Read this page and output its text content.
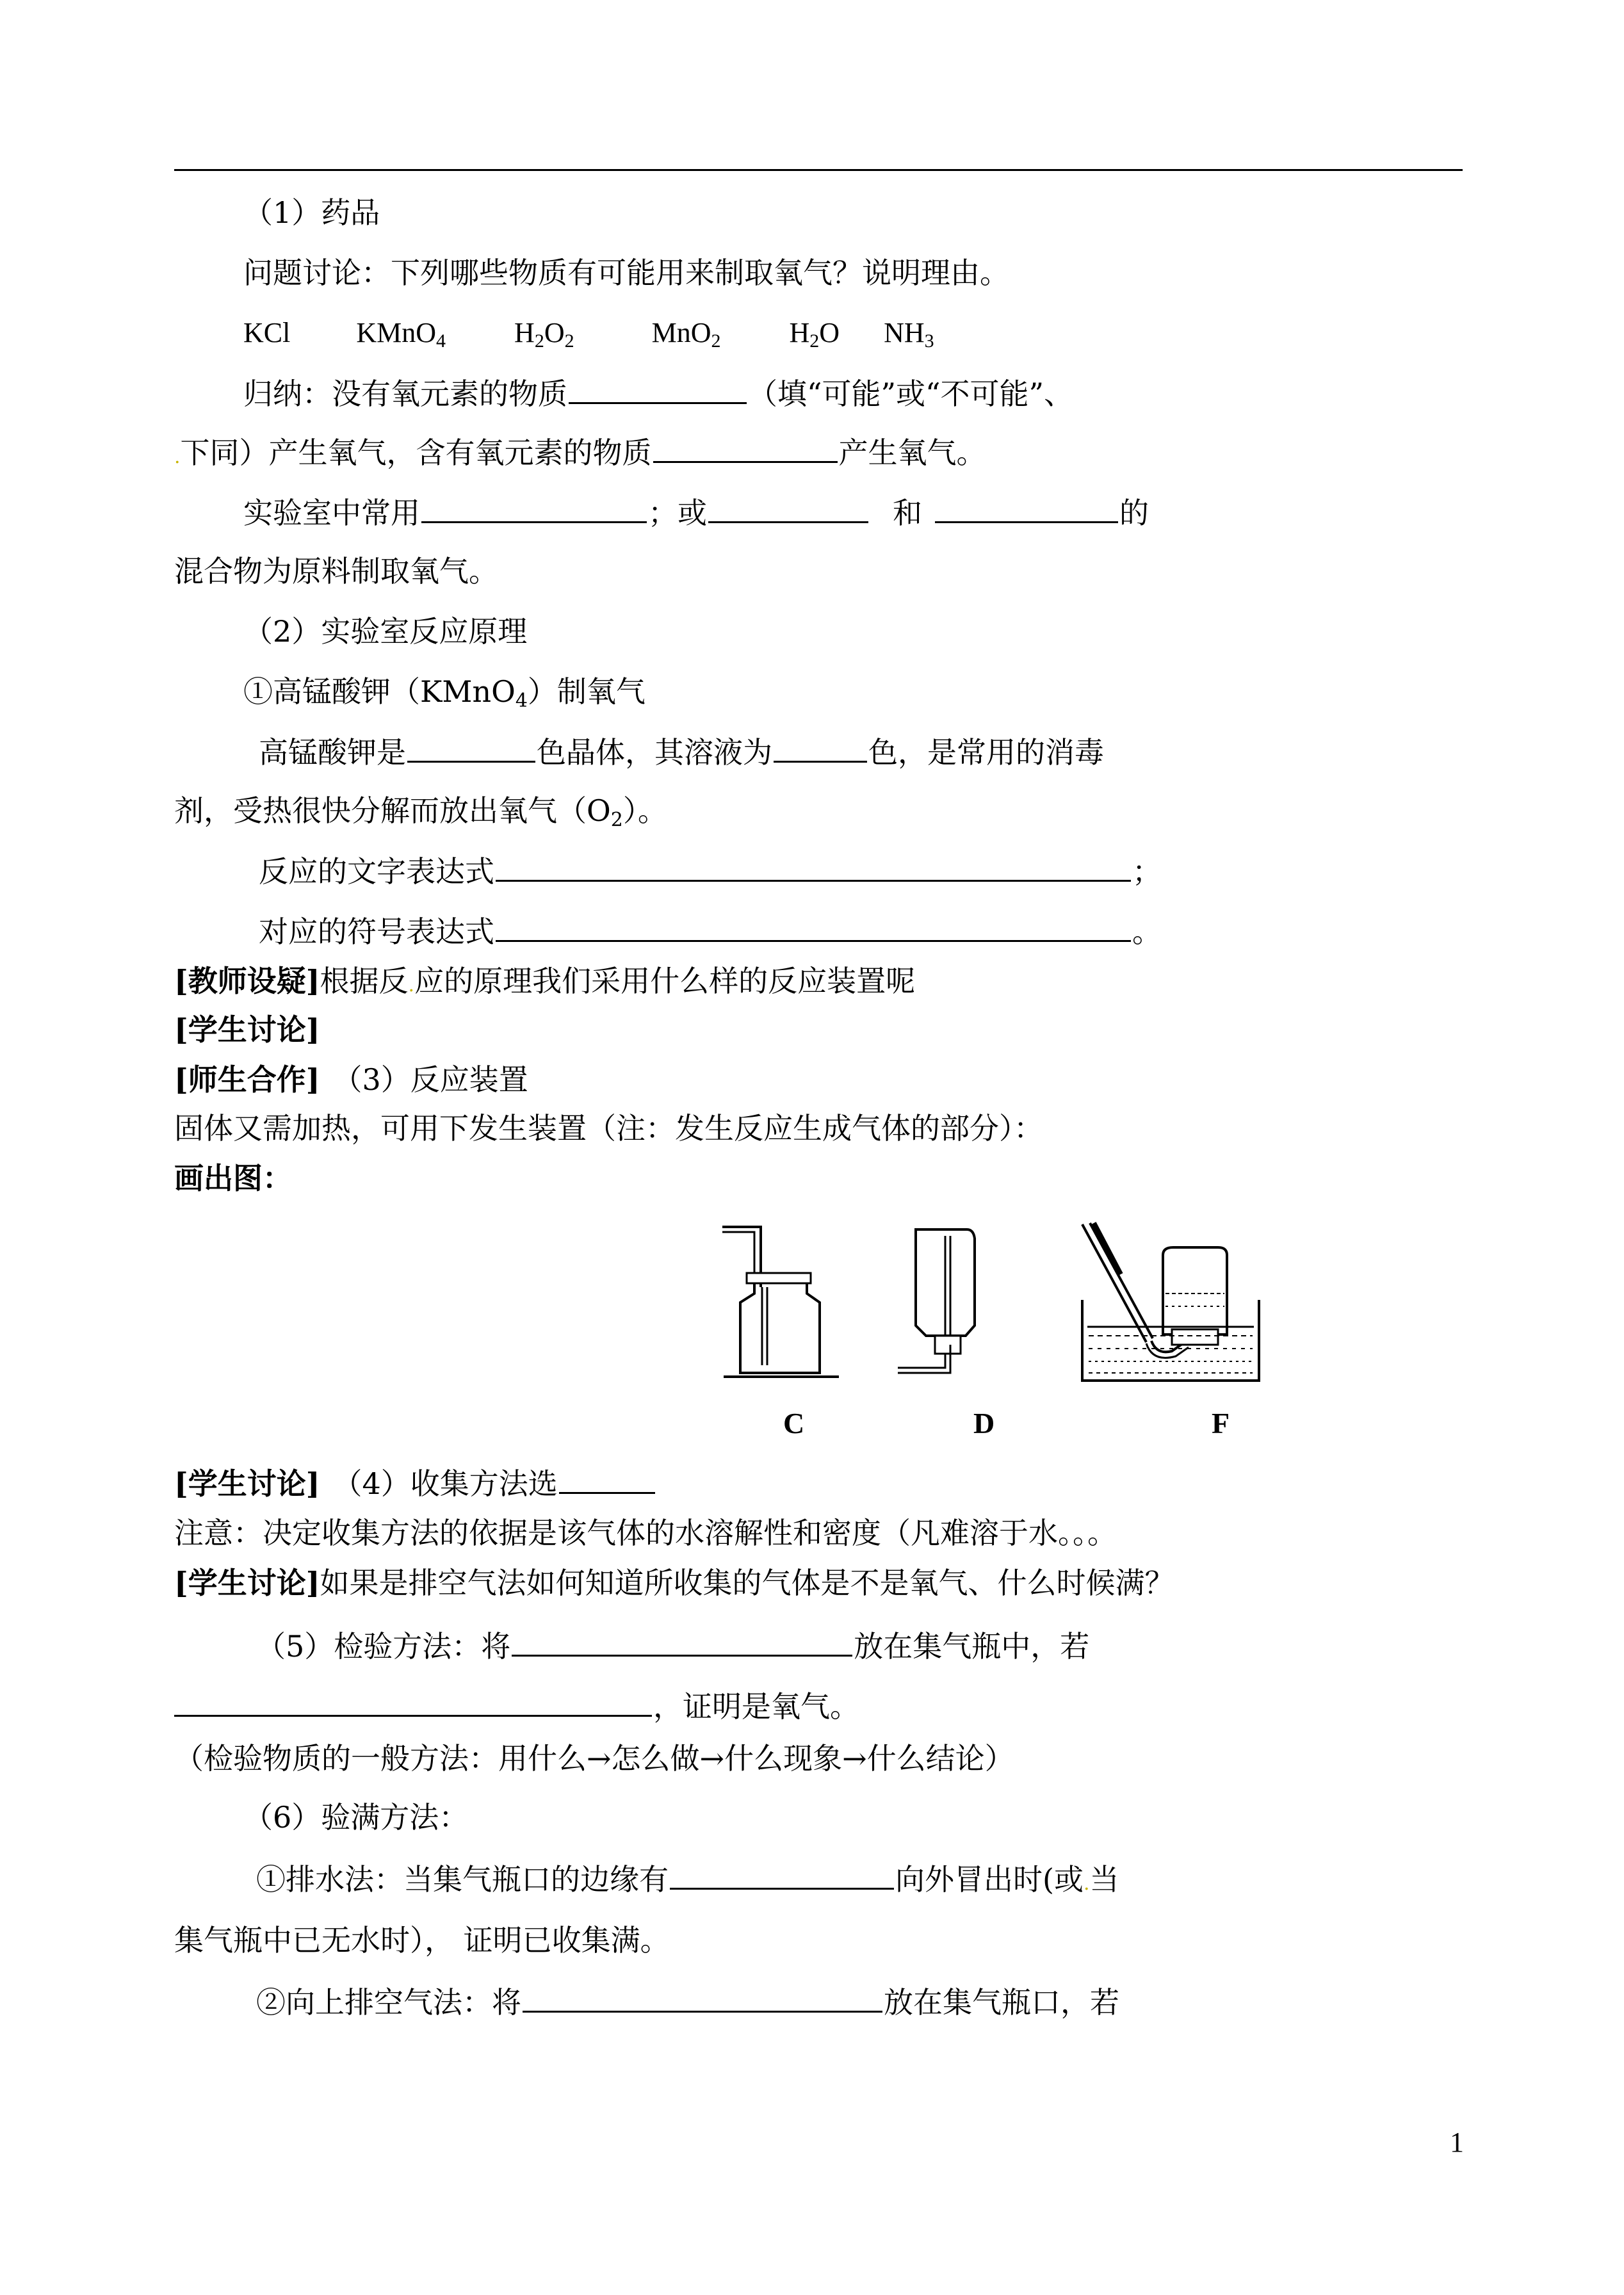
（1）药品
问题讨论：下列哪些物质有可能用来制取氧气？说明理由。
KCl KMnO$_4$ $H_2O_2$	MnO$_2$ $H_2O$ $NH_3$
归纳：没有氧元素的物质	（填“可能”或“不可能”、
.下同）产生氧气，含有氧元素的物质	产生氧气。
实验室中常用	；或	和	的
混合物为原料制取氧气。
（2）实验室反应原理
①高锰酸钾（KMnO$_4$）制氧气
高锰酸钾是	色晶体，其溶液为	色，是常用的消毒
剂，受热很快分解而放出氧气$(O_2)$。
反应的文字表达式	；
对应的符号表达式	。
[教师设疑]根据反.应的原理我们采用什么样的反应装置呢
[学生讨论]
[师生合作] （3）反应装置
固体又需加热，可用下发生装置（注：发生反应生成气体的部分）：
画出图：
C	D	F
[学生讨论] （4）收集方法选
注意：决定收集方法的依据是该气体的水溶解性和密度（凡难溶于水。。。
[学生讨论]如果是排空气法如何知道所收集的气体是不是氧气、什么时候满？
（5）检验方法：将	放在集气瓶中，若
，证明是氧气。
（检验物质的一般方法：用什么→怎么做→什么现象→什么结论）
（6）验满方法：
①排水法：当集气瓶口的边缘有	向外冒出时(或.当
集气瓶中已无水时）， 证明已收集满。
②向上排空气法：将	放在集气瓶口，若
1
